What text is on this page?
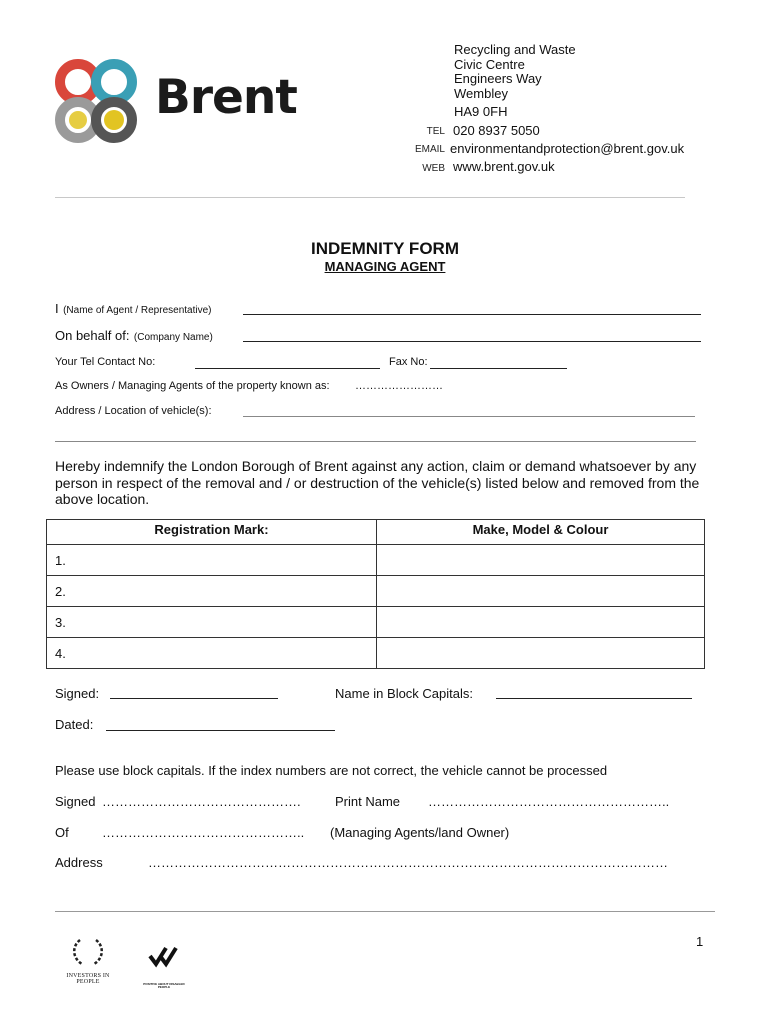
Brent
Recycling and Waste
Civic Centre
Engineers Way
Wembley
HA9 0FH
TEL 020 8937 5050
EMAIL environmentandprotection@brent.gov.uk
WEB www.brent.gov.uk
INDEMNITY FORM
MANAGING AGENT
I (Name of Agent / Representative)
On behalf of: (Company Name)
Your Tel Contact No:	Fax No:
As Owners / Managing Agents of the property known as: ……………………
Address / Location of vehicle(s):
Hereby indemnify the London Borough of Brent against any action, claim or demand whatsoever by any person in respect of the removal and / or destruction of the vehicle(s) listed below and removed from the above location.
Registration Mark:	Make, Model & Colour
1.	
2.	
3.	
4.	
Signed:	Name in Block Capitals:
Dated:
Please use block capitals. If the index numbers are not correct, the vehicle cannot be processed
Signed ……………………………………….	Print Name ………………………………………………..
Of	……………………………………….. (Managing Agents/land Owner)
Address	…………………………………………………………………………………………………………
INVESTORS IN PEOPLE	POSITIVE ABOUT DISABLED PEOPLE
1
